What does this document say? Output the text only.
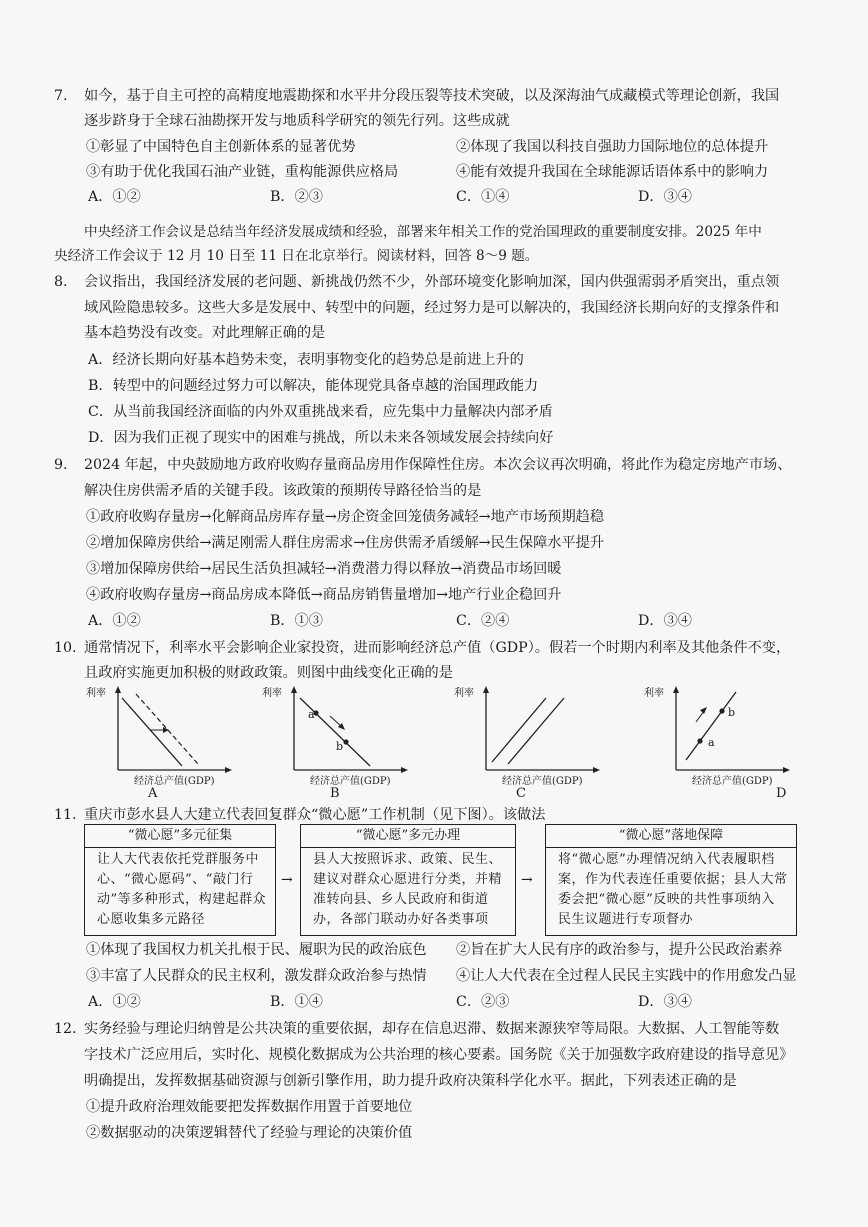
7. 如今，基于自主可控的高精度地震勘探和水平井分段压裂等技术突破，以及深海油气成藏模式等理论创新，我国
逐步跻身于全球石油勘探开发与地质科学研究的领先行列。这些成就
①彰显了中国特色自主创新体系的显著优势	②体现了我国以科技自强助力国际地位的总体提升
③有助于优化我国石油产业链，重构能源供应格局	④能有效提升我国在全球能源话语体系中的影响力
A．①②	B．②③	C．①④	D．③④
中央经济工作会议是总结当年经济发展成绩和经验，部署来年相关工作的党治国理政的重要制度安排。2025 年中
央经济工作会议于 12 月 10 日至 11 日在北京举行。阅读材料，回答 8～9 题。
8. 会议指出，我国经济发展的老问题、新挑战仍然不少，外部环境变化影响加深，国内供强需弱矛盾突出，重点领
域风险隐患较多。这些大多是发展中、转型中的问题，经过努力是可以解决的，我国经济长期向好的支撑条件和
基本趋势没有改变。对此理解正确的是
A．经济长期向好基本趋势未变，表明事物变化的趋势总是前进上升的
B．转型中的问题经过努力可以解决，能体现党具备卓越的治国理政能力
C．从当前我国经济面临的内外双重挑战来看，应先集中力量解决内部矛盾
D．因为我们正视了现实中的困难与挑战，所以未来各领域发展会持续向好
9. 2024 年起，中央鼓励地方政府收购存量商品房用作保障性住房。本次会议再次明确，将此作为稳定房地产市场、
解决住房供需矛盾的关键手段。该政策的预期传导路径恰当的是
①政府收购存量房→化解商品房库存量→房企资金回笼债务减轻→地产市场预期趋稳
②增加保障房供给→满足刚需人群住房需求→住房供需矛盾缓解→民生保障水平提升
③增加保障房供给→居民生活负担减轻→消费潜力得以释放→消费品市场回暖
④政府收购存量房→商品房成本降低→商品房销售量增加→地产行业企稳回升
A．①②	B．①③	C．②④	D．③④
10. 通常情况下，利率水平会影响企业家投资，进而影响经济总产值（GDP）。假若一个时期内利率及其他条件不变，
且政府实施更加积极的财政政策。则图中曲线变化正确的是
利率
经济总产值(GDP)
A
利率
a
b
经济总产值(GDP)
B
利率
经济总产值(GDP)
C
利率
b
a
经济总产值(GDP)
D
11. 重庆市彭水县人大建立代表回复群众“微心愿”工作机制（见下图）。该做法
“微心愿”多元征集
让人大代表依托党群服务中心、“微心愿码”、“敲门行动”等多种形式，构建起群众心愿收集多元路径
→
“微心愿”多元办理
县人大按照诉求、政策、民生、建议对群众心愿进行分类，并精准转向县、乡人民政府和街道办，各部门联动办好各类事项
→
“微心愿”落地保障
将“微心愿”办理情况纳入代表履职档案，作为代表连任重要依据；县人大常委会把“微心愿”反映的共性事项纳入民生议题进行专项督办
①体现了我国权力机关扎根于民、履职为民的政治底色 ②旨在扩大人民有序的政治参与，提升公民政治素养
③丰富了人民群众的民主权利，激发群众政治参与热情 ④让人大代表在全过程人民民主实践中的作用愈发凸显
A．①②	B．①④	C．②③	D．③④
12. 实务经验与理论归纳曾是公共决策的重要依据，却存在信息迟滞、数据来源狭窄等局限。大数据、人工智能等数
字技术广泛应用后，实时化、规模化数据成为公共治理的核心要素。国务院《关于加强数字政府建设的指导意见》
明确提出，发挥数据基础资源与创新引擎作用，助力提升政府决策科学化水平。据此，下列表述正确的是
①提升政府治理效能要把发挥数据作用置于首要地位
②数据驱动的决策逻辑替代了经验与理论的决策价值
